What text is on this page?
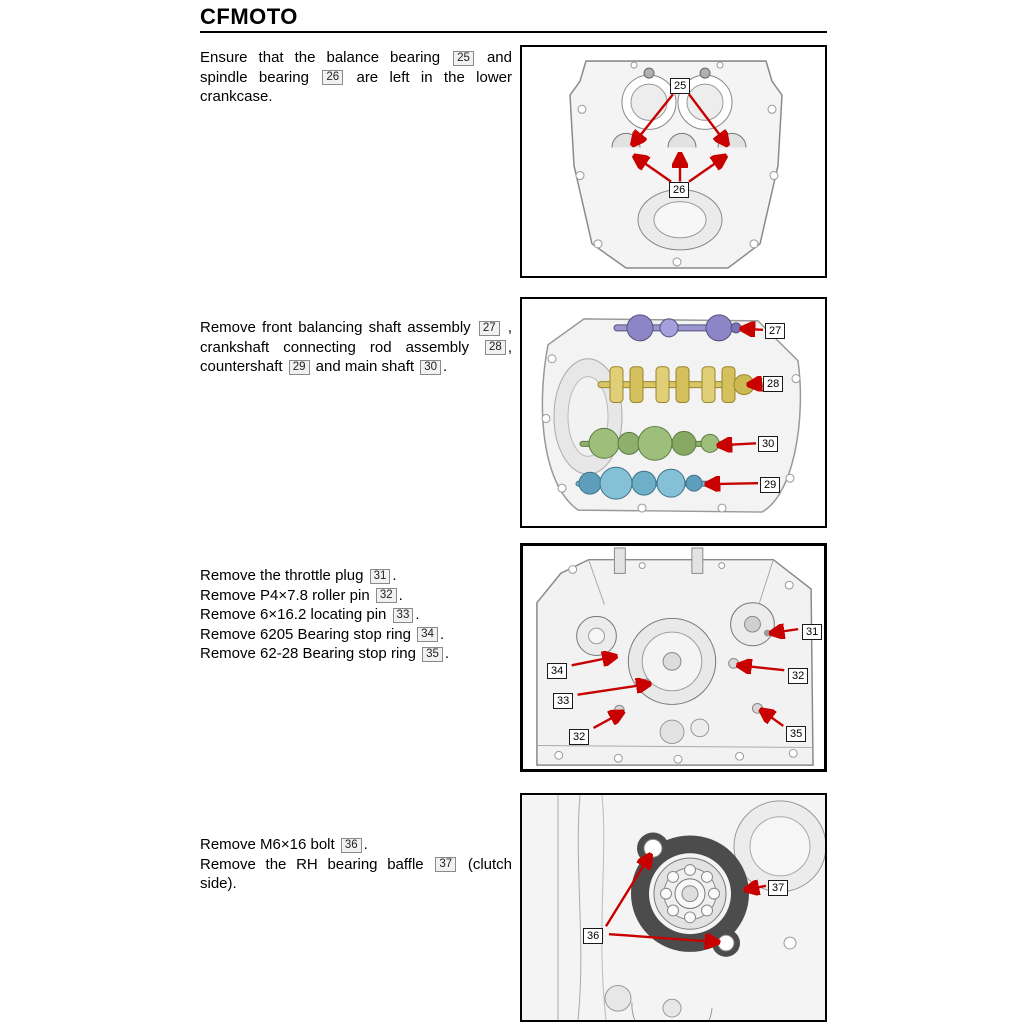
CFMOTO
Ensure that the balance bearing 25 and spindle bearing 26 are left in the lower crankcase.
Remove front balancing shaft assembly 27 , crankshaft connecting rod assembly 28 , countershaft 29 and main shaft 30 .
Remove the throttle plug 31 .
Remove P4×7.8 roller pin 32 .
Remove 6×16.2 locating pin 33 .
Remove 6205 Bearing stop ring 34 .
Remove 62-28 Bearing stop ring 35 .
Remove M6×16 bolt 36 .
Remove the RH bearing baffle 37 (clutch side).
25
26
27
28
30
29
31
34	32
33
32	35
37
36
